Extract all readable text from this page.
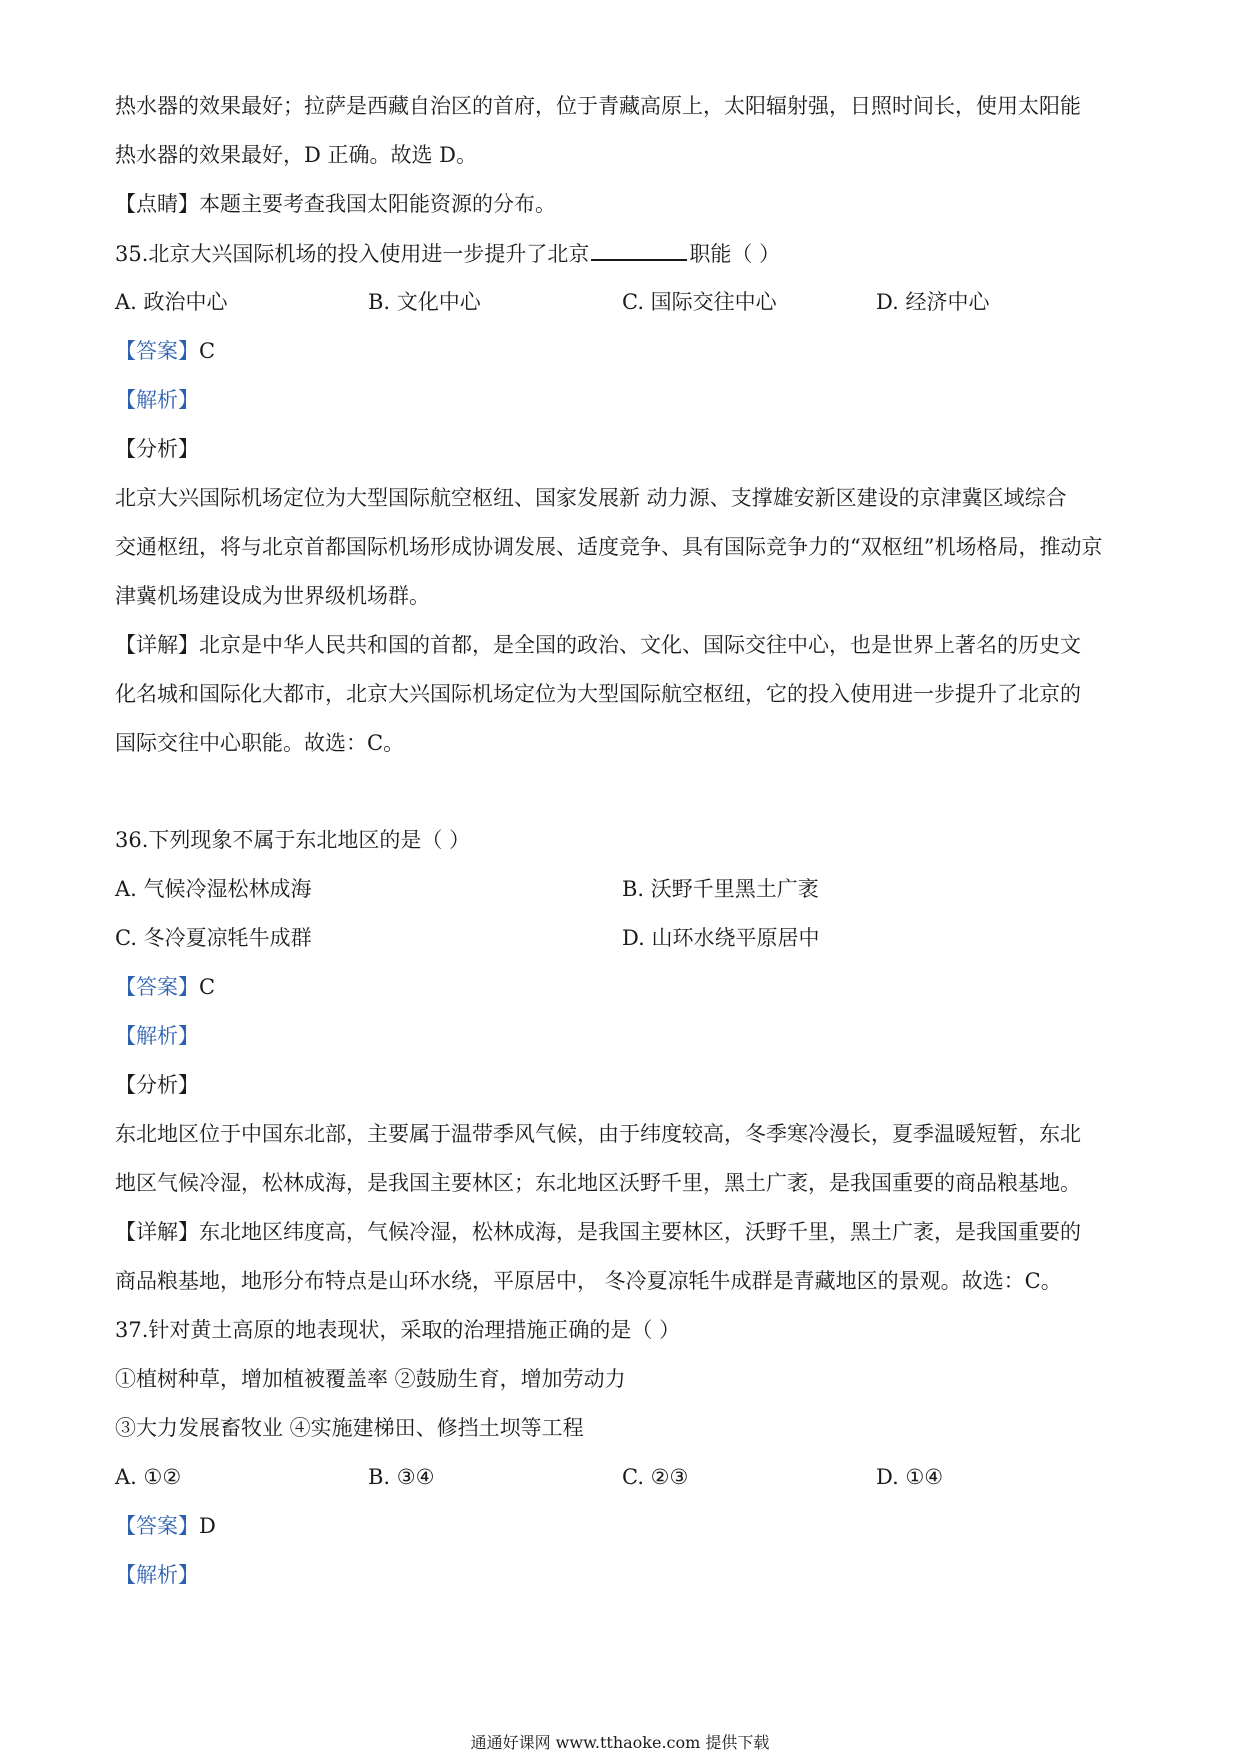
热水器的效果最好；拉萨是西藏自治区的首府，位于青藏高原上，太阳辐射强，日照时间长，使用太阳能
热水器的效果最好，D 正确。故选 D。
【点睛】本题主要考查我国太阳能资源的分布。
35.北京大兴国际机场的投入使用进一步提升了北京	职能（ ）
A. 政治中心	B. 文化中心	C. 国际交往中心	D. 经济中心
【答案】C
【解析】
【分析】
北京大兴国际机场定位为大型国际航空枢纽、国家发展新 动力源、支撑雄安新区建设的京津冀区域综合
交通枢纽，将与北京首都国际机场形成协调发展、适度竞争、具有国际竞争力的“双枢纽”机场格局，推动京
津冀机场建设成为世界级机场群。
【详解】北京是中华人民共和国的首都，是全国的政治、文化、国际交往中心，也是世界上著名的历史文
化名城和国际化大都市，北京大兴国际机场定位为大型国际航空枢纽，它的投入使用进一步提升了北京的
国际交往中心职能。故选：C。
36.下列现象不属于东北地区的是（ ）
A. 气候冷湿松林成海	B. 沃野千里黑土广袤
C. 冬冷夏凉牦牛成群	D. 山环水绕平原居中
【答案】C
【解析】
【分析】
东北地区位于中国东北部，主要属于温带季风气候，由于纬度较高，冬季寒冷漫长，夏季温暖短暂，东北
地区气候冷湿，松林成海，是我国主要林区；东北地区沃野千里，黑土广袤，是我国重要的商品粮基地。
【详解】东北地区纬度高，气候冷湿，松林成海，是我国主要林区，沃野千里，黑土广袤，是我国重要的
商品粮基地，地形分布特点是山环水绕，平原居中， 冬冷夏凉牦牛成群是青藏地区的景观。故选：C。
37.针对黄土高原的地表现状，采取的治理措施正确的是（ ）
①植树种草，增加植被覆盖率 ②鼓励生育，增加劳动力
③大力发展畜牧业 ④实施建梯田、修挡土坝等工程
A. ①②	B. ③④	C. ②③	D. ①④
【答案】D
【解析】
通通好课网 www.tthaoke.com 提供下载
